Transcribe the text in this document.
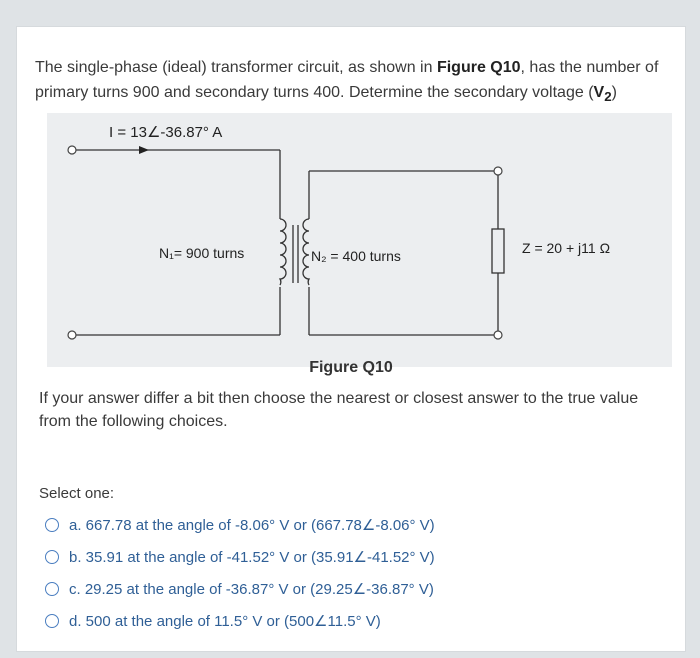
The single-phase (ideal) transformer circuit, as shown in Figure Q10, has the number of primary turns 900 and secondary turns 400. Determine the secondary voltage $(V_2)$

I = 13∠-36.87° A
N₁= 900 turns	N₂ = 400 turns	Z = 20 + j11 Ω
Figure Q10

If your answer differ a bit then choose the nearest or closest answer to the true value from the following choices.

Select one:
a. 667.78 at the angle of -8.06° V or (667.78∠-8.06° V)
b. 35.91 at the angle of -41.52° V or (35.91∠-41.52° V)
c. 29.25 at the angle of -36.87° V or (29.25∠-36.87° V)
d. 500 at the angle of 11.5° V or (500∠11.5° V)
